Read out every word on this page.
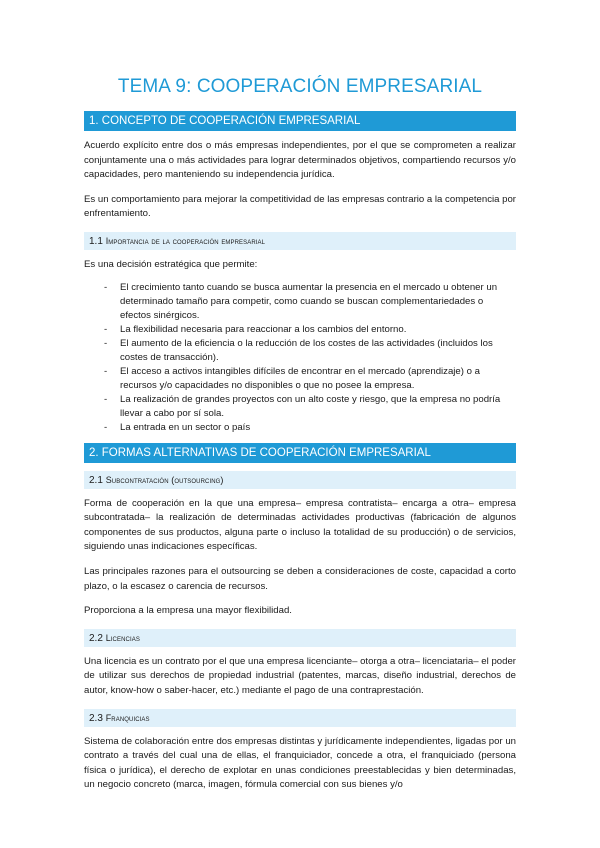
TEMA 9: COOPERACIÓN EMPRESARIAL
1. CONCEPTO DE COOPERACIÓN EMPRESARIAL

Acuerdo explícito entre dos o más empresas independientes, por el que se comprometen a realizar conjuntamente una o más actividades para lograr determinados objetivos, compartiendo recursos y/o capacidades, pero manteniendo su independencia jurídica.

Es un comportamiento para mejorar la competitividad de las empresas contrario a la competencia por enfrentamiento.

1.1 Importancia de la cooperación empresarial

Es una decisión estratégica que permite:

- El crecimiento tanto cuando se busca aumentar la presencia en el mercado u obtener un determinado tamaño para competir, como cuando se buscan complementariedades o efectos sinérgicos.
- La flexibilidad necesaria para reaccionar a los cambios del entorno.
- El aumento de la eficiencia o la reducción de los costes de las actividades (incluidos los costes de transacción).
- El acceso a activos intangibles difíciles de encontrar en el mercado (aprendizaje) o a recursos y/o capacidades no disponibles o que no posee la empresa.
- La realización de grandes proyectos con un alto coste y riesgo, que la empresa no podría llevar a cabo por sí sola.
- La entrada en un sector o país
2. FORMAS ALTERNATIVAS DE COOPERACIÓN EMPRESARIAL
2.1 Subcontratación (outsourcing)

Forma de cooperación en la que una empresa– empresa contratista– encarga a otra– empresa subcontratada– la realización de determinadas actividades productivas (fabricación de algunos componentes de sus productos, alguna parte o incluso la totalidad de su producción) o de servicios, siguiendo unas indicaciones específicas.

Las principales razones para el outsourcing se deben a consideraciones de coste, capacidad a corto plazo, o la escasez o carencia de recursos.

Proporciona a la empresa una mayor flexibilidad.

2.2 Licencias

Una licencia es un contrato por el que una empresa licenciante– otorga a otra– licenciataria– el poder de utilizar sus derechos de propiedad industrial (patentes, marcas, diseño industrial, derechos de autor, know-how o saber-hacer, etc.) mediante el pago de una contraprestación.

2.3 Franquicias

Sistema de colaboración entre dos empresas distintas y jurídicamente independientes, ligadas por un contrato a través del cual una de ellas, el franquiciador, concede a otra, el franquiciado (persona física o jurídica), el derecho de explotar en unas condiciones preestablecidas y bien determinadas, un negocio concreto (marca, imagen, fórmula comercial con sus bienes y/o
